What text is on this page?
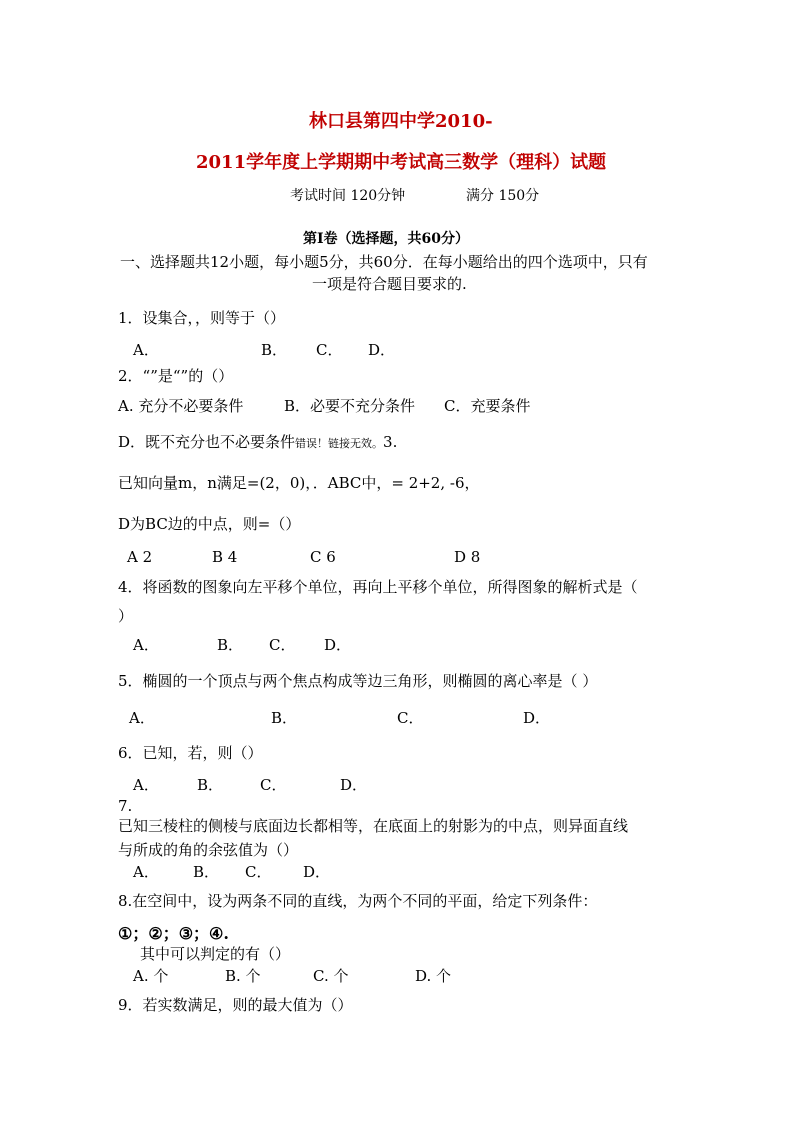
林口县第四中学2010-
2011学年度上学期期中考试高三数学（理科）试题
考试时间 120分钟	满分 150分
第Ⅰ卷（选择题，共60分）
一、选择题共12小题，每小题5分，共60分．在每小题给出的四个选项中，只有
一项是符合题目要求的.
1．设集合，，则等于（）
A．	B． C． D．
2．“”是“”的（）
A. 充分不必要条件	B．必要不充分条件 C．充要条件
D．既不充分也不必要条件错误！链接无效。3.
已知向量m，n满足=(2，0)，．ABC中，= 2+2, -6，
D为BC边的中点，则=（）
A 2	B 4	C 6	D 8
4．将函数的图象向左平移个单位，再向上平移个单位，所得图象的解析式是（
）
A．	B． C． D．
5．椭圆的一个顶点与两个焦点构成等边三角形，则椭圆的离心率是（ ）
A．	B．	C．	D．
6．已知，若，则（）
A．	B． C．	D．
7.
已知三棱柱的侧棱与底面边长都相等，在底面上的射影为的中点，则异面直线
与所成的角的余弦值为（）
A． B． C． D．
8.在空间中，设为两条不同的直线，为两个不同的平面，给定下列条件：
①；②；③；④.
其中可以判定的有（）
A. 个	B. 个	C. 个	D. 个
9．若实数满足，则的最大值为（）
